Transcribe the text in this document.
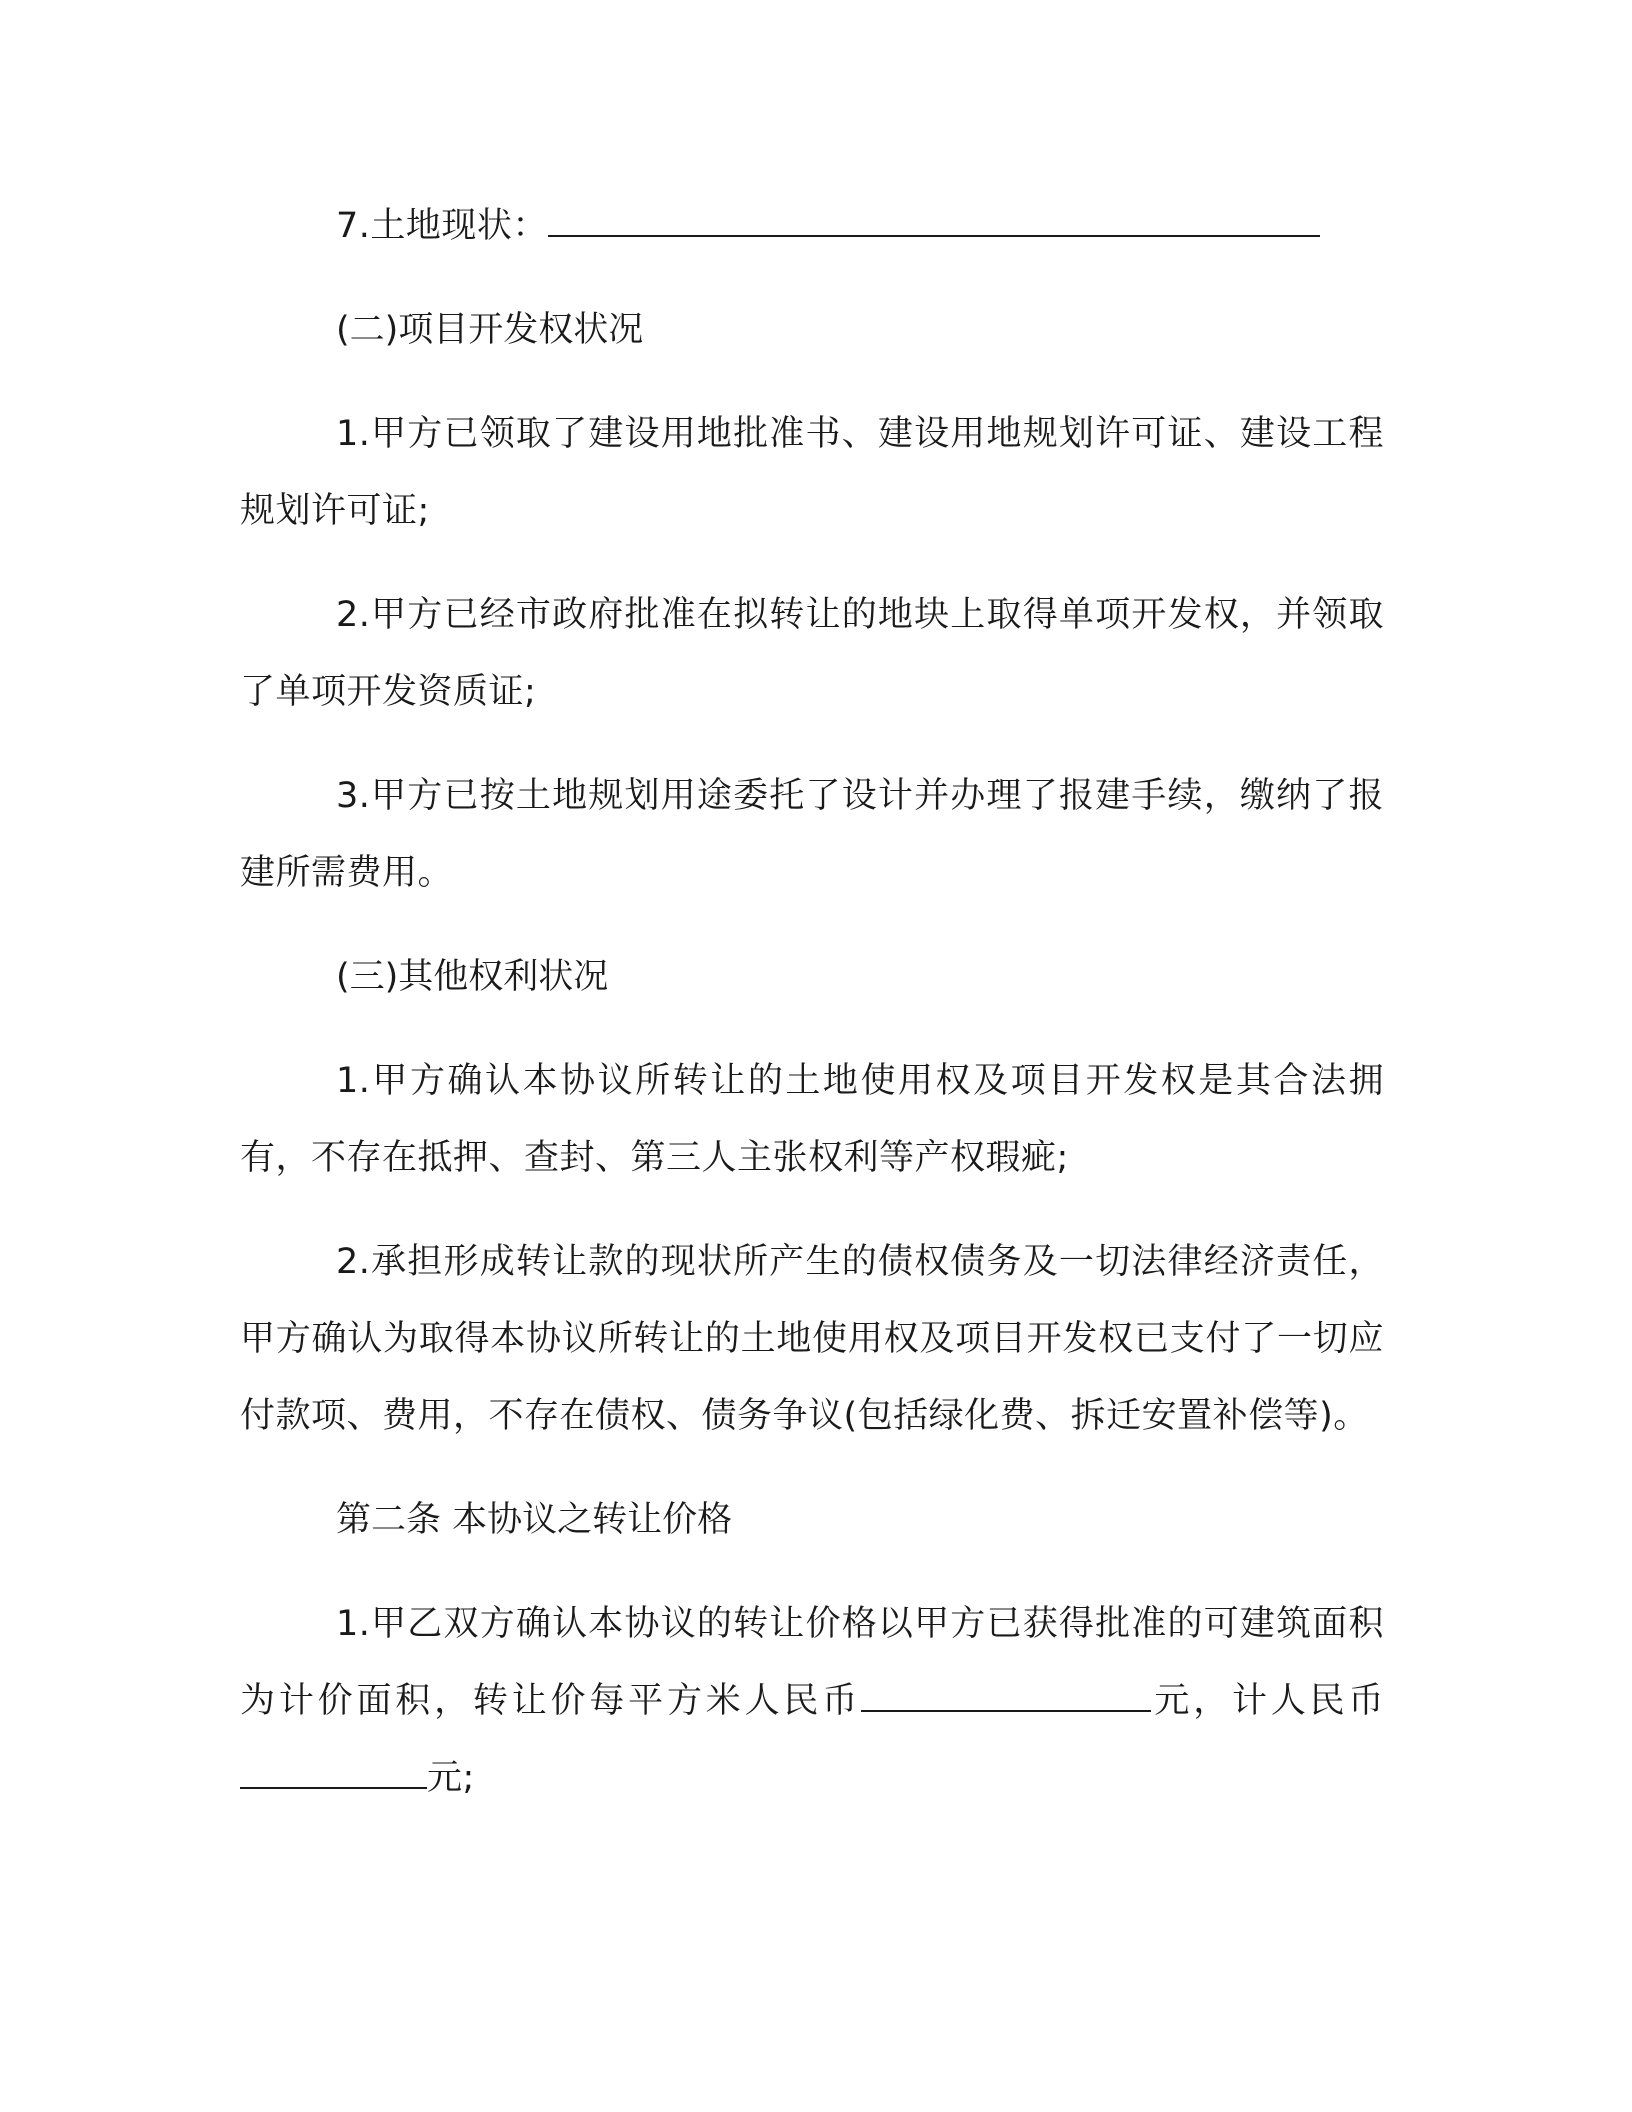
7.土地现状：

(二)项目开发权状况

1.甲方已领取了建设用地批准书、建设用地规划许可证、建设工程规划许可证;

2.甲方已经市政府批准在拟转让的地块上取得单项开发权，并领取了单项开发资质证;

3.甲方已按土地规划用途委托了设计并办理了报建手续，缴纳了报建所需费用。

(三)其他权利状况

1.甲方确认本协议所转让的土地使用权及项目开发权是其合法拥有，不存在抵押、查封、第三人主张权利等产权瑕疵;

2.承担形成转让款的现状所产生的债权债务及一切法律经济责任，甲方确认为取得本协议所转让的土地使用权及项目开发权已支付了一切应付款项、费用，不存在债权、债务争议(包括绿化费、拆迁安置补偿等)。

第二条 本协议之转让价格

1.甲乙双方确认本协议的转让价格以甲方已获得批准的可建筑面积为计价面积，转让价每平方米人民币	元，计人民币元;
